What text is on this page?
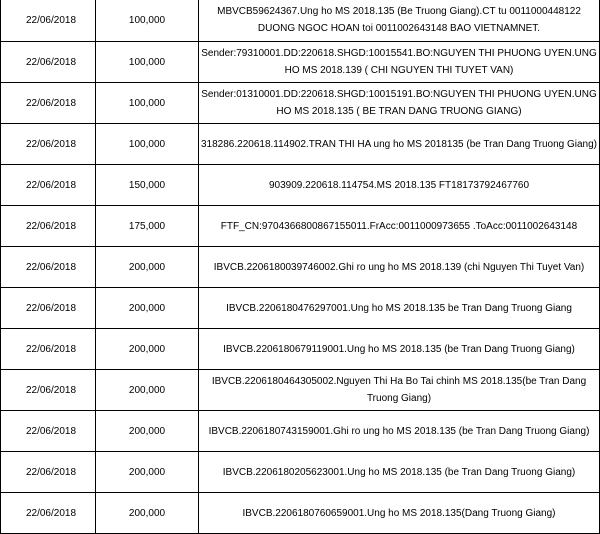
22/06/2018	100,000	MBVCB59624367.Ung ho MS 2018.135 (Be Truong Giang).CT tu 0011000448122 DUONG NGOC HOAN toi 0011002643148 BAO VIETNAMNET.
22/06/2018	100,000	Sender:79310001.DD:220618.SHGD:10015541.BO:NGUYEN THI PHUONG UYEN.UNG HO MS 2018.139 ( CHI NGUYEN THI TUYET VAN)
22/06/2018	100,000	Sender:01310001.DD:220618.SHGD:10015191.BO:NGUYEN THI PHUONG UYEN.UNG HO MS 2018.135 ( BE TRAN DANG TRUONG GIANG)
22/06/2018	100,000	318286.220618.114902.TRAN THI HA ung ho MS 2018135 (be Tran Dang Truong Giang)
22/06/2018	150,000	903909.220618.114754.MS 2018.135 FT18173792467760
22/06/2018	175,000	FTF_CN:9704366800867155011.FrAcc:0011000973655 .ToAcc:0011002643148
22/06/2018	200,000	IBVCB.2206180039746002.Ghi ro ung ho MS 2018.139 (chi Nguyen Thi Tuyet Van)
22/06/2018	200,000	IBVCB.2206180476297001.Ung ho MS 2018.135 be Tran Dang Truong Giang
22/06/2018	200,000	IBVCB.2206180679119001.Ung ho MS 2018.135 (be Tran Dang Truong Giang)
22/06/2018	200,000	IBVCB.2206180464305002.Nguyen Thi Ha Bo Tai chinh MS 2018.135(be Tran Dang Truong Giang)
22/06/2018	200,000	IBVCB.2206180743159001.Ghi ro ung ho MS 2018.135 (be Tran Dang Truong Giang)
22/06/2018	200,000	IBVCB.2206180205623001.Ung ho MS 2018.135 (be Tran Dang Truong Giang)
22/06/2018	200,000	IBVCB.2206180760659001.Ung ho MS 2018.135(Dang Truong Giang)
